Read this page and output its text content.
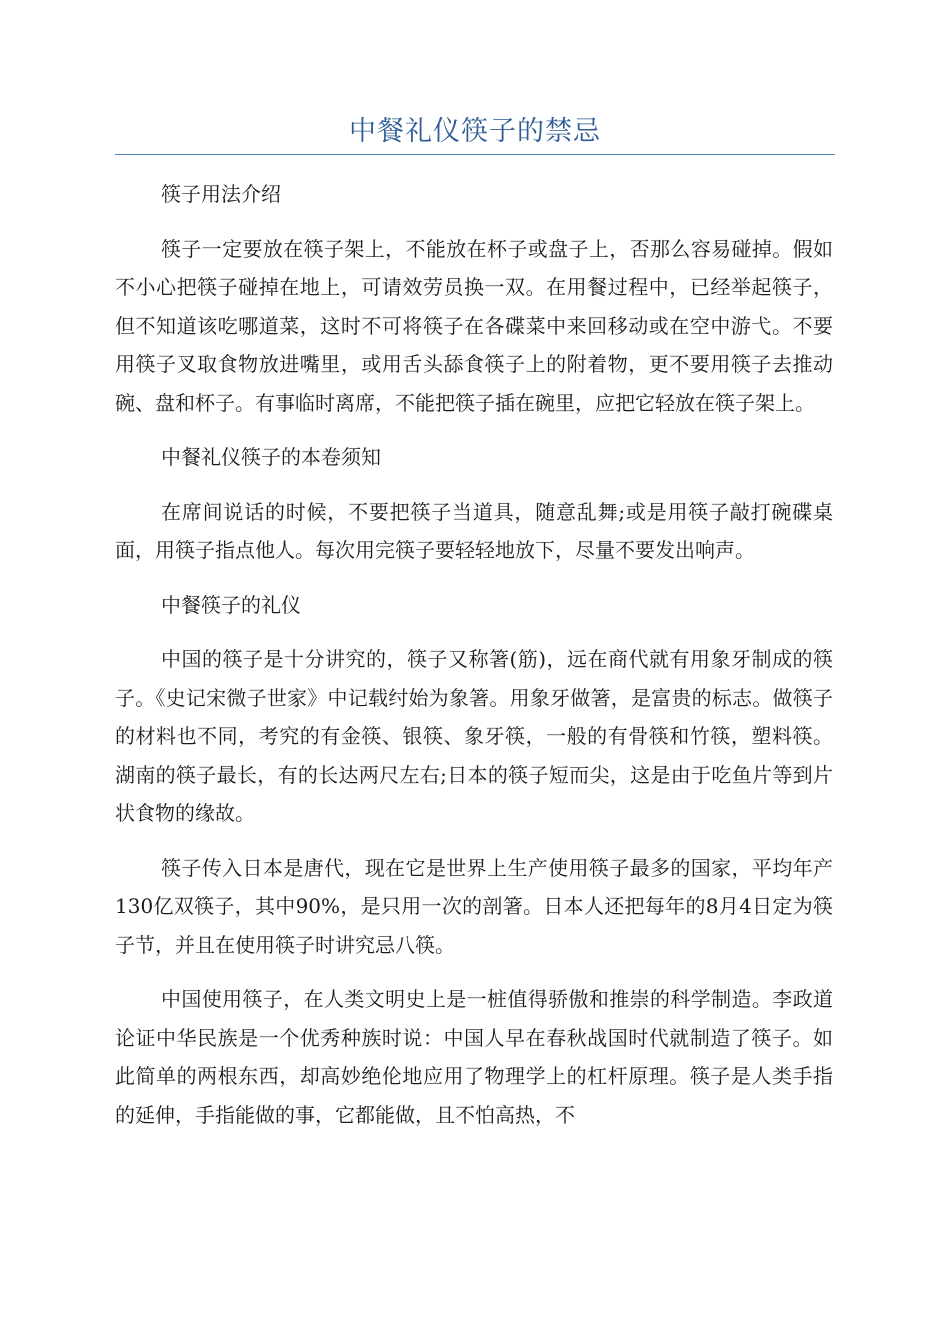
中餐礼仪筷子的禁忌

筷子用法介绍

筷子一定要放在筷子架上，不能放在杯子或盘子上，否那么容易碰掉。假如不小心把筷子碰掉在地上，可请效劳员换一双。在用餐过程中，已经举起筷子，但不知道该吃哪道菜，这时不可将筷子在各碟菜中来回移动或在空中游弋。不要用筷子叉取食物放进嘴里，或用舌头舔食筷子上的附着物，更不要用筷子去推动碗、盘和杯子。有事临时离席，不能把筷子插在碗里，应把它轻放在筷子架上。

中餐礼仪筷子的本卷须知

在席间说话的时候，不要把筷子当道具，随意乱舞;或是用筷子敲打碗碟桌面，用筷子指点他人。每次用完筷子要轻轻地放下，尽量不要发出响声。

中餐筷子的礼仪

中国的筷子是十分讲究的，筷子又称箸(筋)，远在商代就有用象牙制成的筷子。《史记宋微子世家》中记载纣始为象箸。用象牙做箸，是富贵的标志。做筷子的材料也不同，考究的有金筷、银筷、象牙筷，一般的有骨筷和竹筷，塑料筷。湖南的筷子最长，有的长达两尺左右;日本的筷子短而尖，这是由于吃鱼片等到片状食物的缘故。

筷子传入日本是唐代，现在它是世界上生产使用筷子最多的国家，平均年产130亿双筷子，其中90%，是只用一次的剖箸。日本人还把每年的8月4日定为筷子节，并且在使用筷子时讲究忌八筷。

中国使用筷子，在人类文明史上是一桩值得骄傲和推崇的科学制造。李政道论证中华民族是一个优秀种族时说：中国人早在春秋战国时代就制造了筷子。如此简单的两根东西，却高妙绝伦地应用了物理学上的杠杆原理。筷子是人类手指的延伸，手指能做的事，它都能做，且不怕高热，不
